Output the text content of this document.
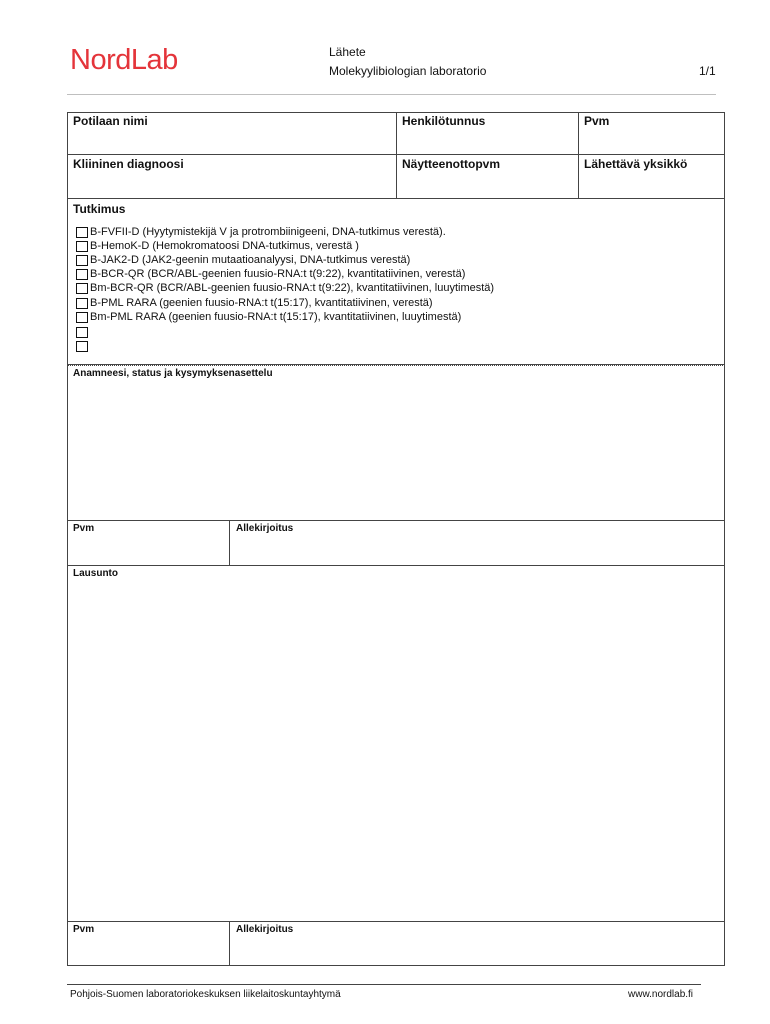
NordLab	Lähete
Molekyylibiologian laboratorio	1/1
Potilaan nimi	Henkilötunnus	Pvm
Kliininen diagnoosi	Näytteenottopvm	Lähettävä yksikkö
Tutkimus
B-FVFII-D (Hyytymistekijä V ja protrombiinigeeni, DNA-tutkimus verestä).
B-HemoK-D (Hemokromatoosi DNA-tutkimus, verestä )
B-JAK2-D (JAK2-geenin mutaatioanalyysi, DNA-tutkimus verestä)
B-BCR-QR (BCR/ABL-geenien fuusio-RNA:t t(9:22), kvantitatiivinen, verestä)
Bm-BCR-QR (BCR/ABL-geenien fuusio-RNA:t t(9:22), kvantitatiivinen, luuytimestä)
B-PML RARA (geenien fuusio-RNA:t t(15:17), kvantitatiivinen, verestä)
Bm-PML RARA (geenien fuusio-RNA:t t(15:17), kvantitatiivinen, luuytimestä)
Anamneesi, status ja kysymyksenasettelu
Pvm	Allekirjoitus
Lausunto
Pvm	Allekirjoitus
Pohjois-Suomen laboratoriokeskuksen liikelaitoskuntayhtymä	www.nordlab.fi
